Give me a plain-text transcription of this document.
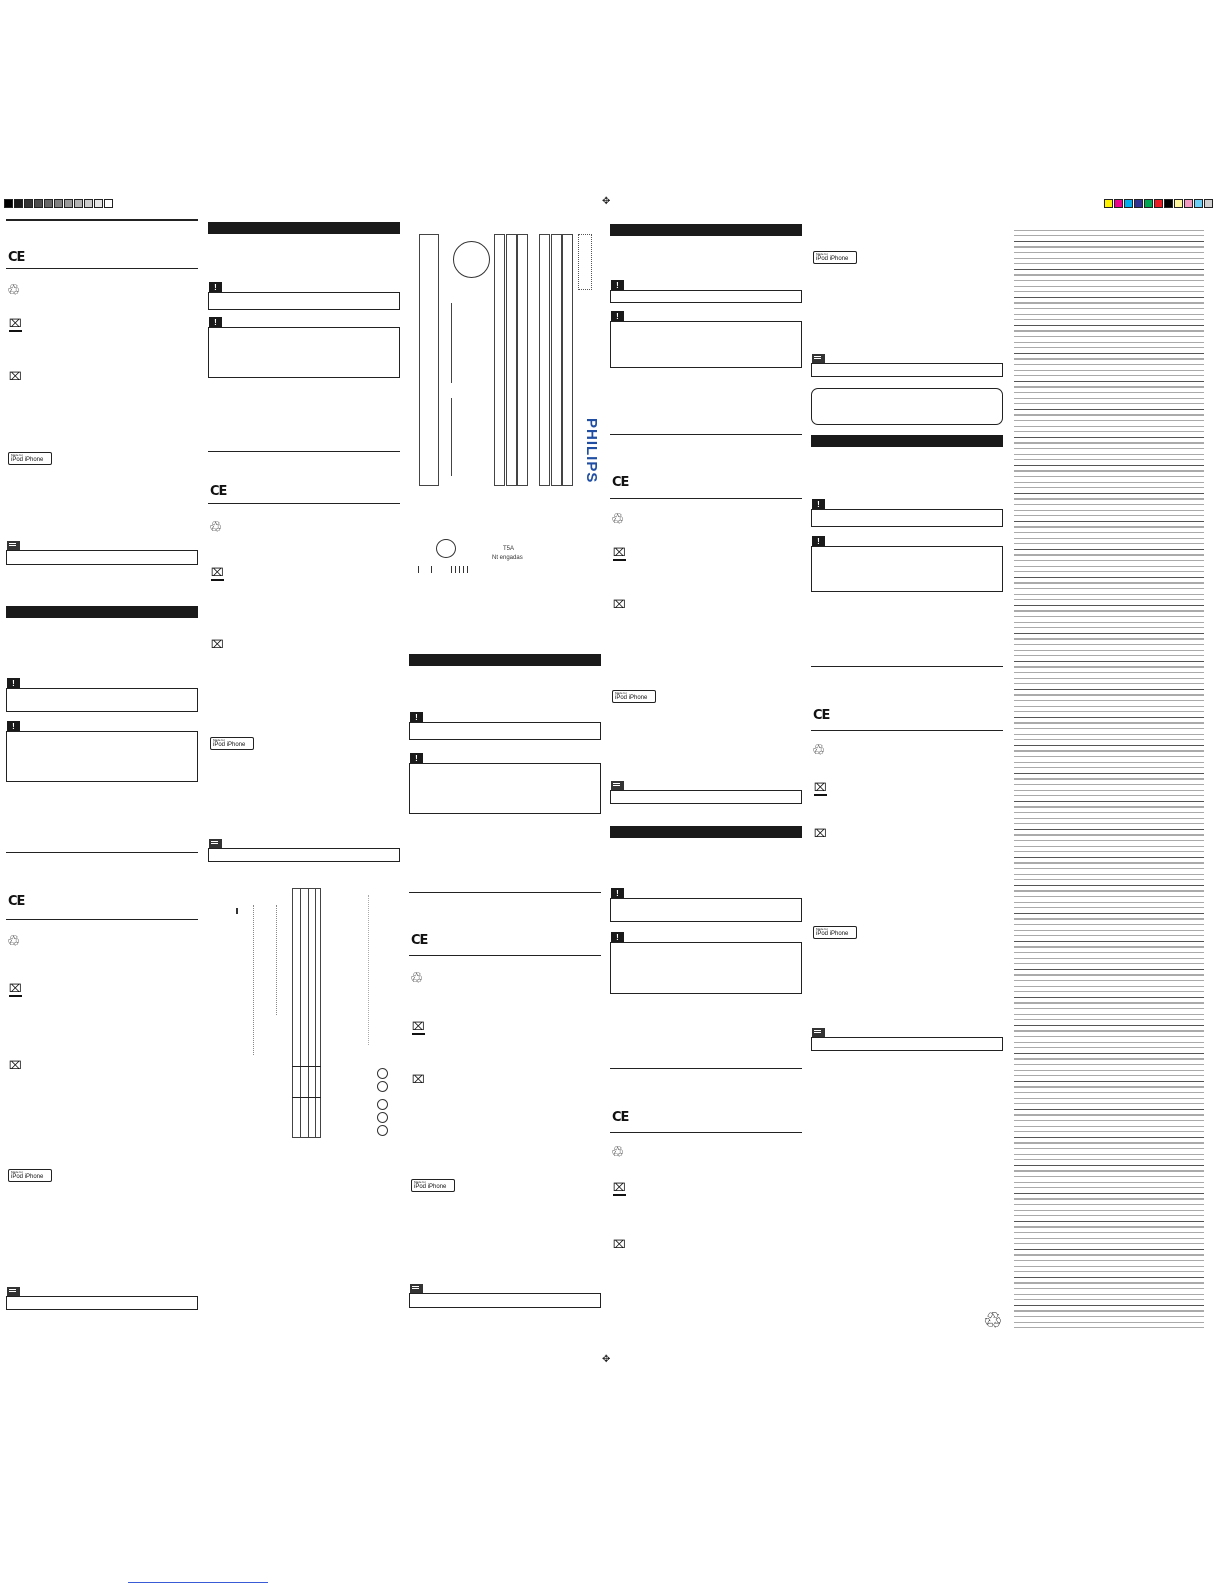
✥
✥
CE
♲
⌧
⌧
Made for
iPod iPhone
!
!
CE
♲
⌧
⌧
Made for
iPod iPhone
!
!
CE
♲
⌧
⌧
Made for
iPod iPhone
PHILIPS
T5A
Nt engadas
!
!
CE
♲
⌧
⌧
Made for
iPod iPhone
!
!
CE
♲
⌧
⌧
Made for
iPod iPhone
!
!
CE
♲
⌧
⌧
Made for
iPod iPhone
!
!
CE
♲
⌧
⌧
Made for
iPod iPhone
♲
